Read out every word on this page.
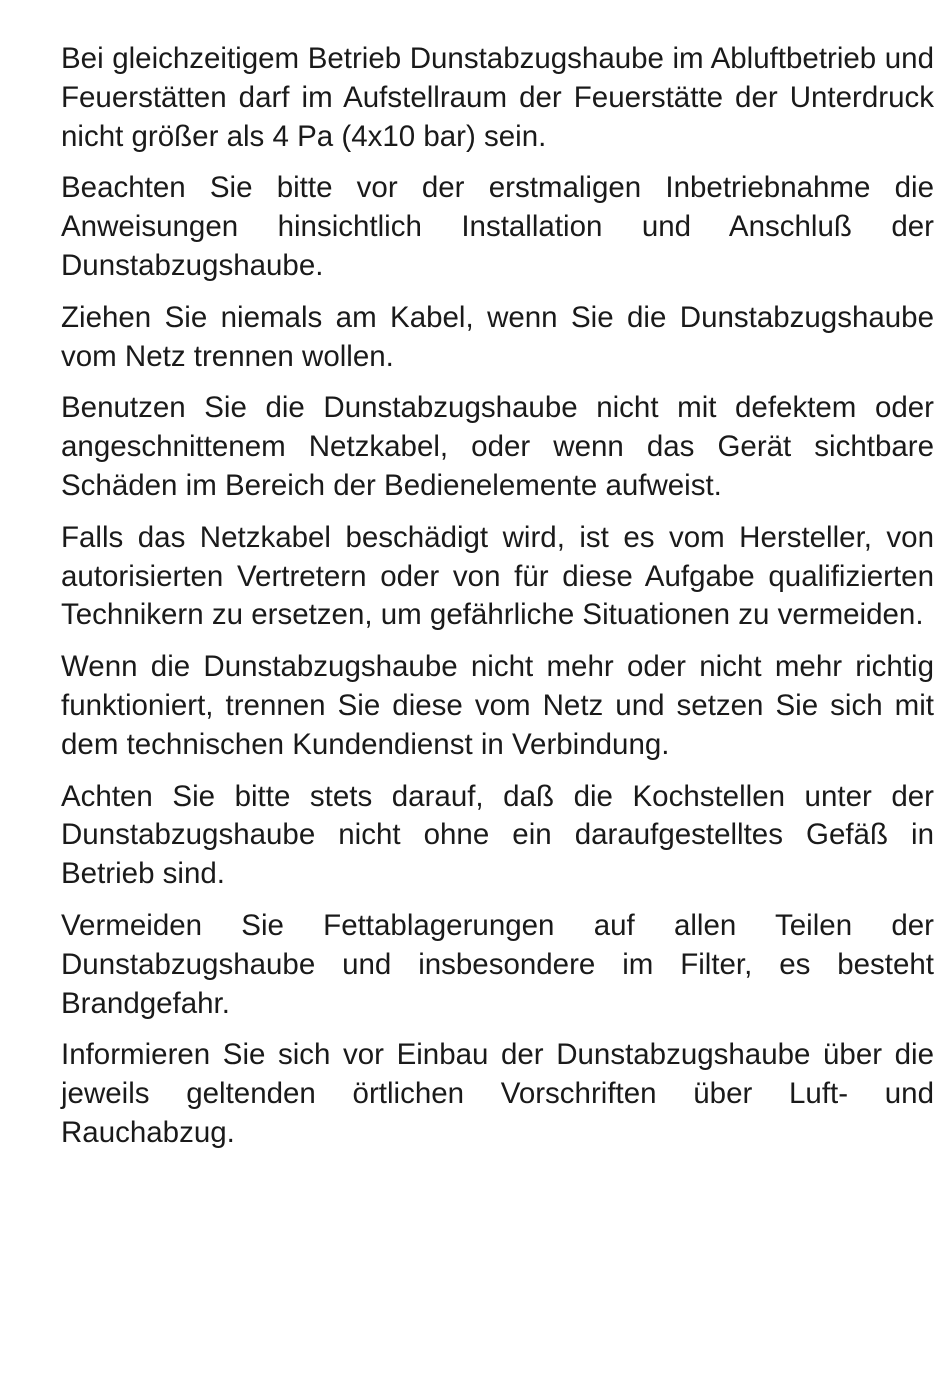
Bei gleichzeitigem Betrieb Dunstabzugshaube im Abluftbetrieb und Feuerstätten darf im Aufstellraum der Feuerstätte der Unterdruck nicht größer als 4 Pa (4x10 bar) sein.

Beachten Sie bitte vor der erstmaligen Inbetriebnahme die Anweisungen hinsichtlich Installation und Anschluß der Dunstabzugshaube.

Ziehen Sie niemals am Kabel, wenn Sie die Dunstabzugshaube vom Netz trennen wollen.

Benutzen Sie die Dunstabzugshaube nicht mit defektem oder angeschnittenem Netzkabel, oder wenn das Gerät sichtbare Schäden im Bereich der Bedienelemente aufweist.

Falls das Netzkabel beschädigt wird, ist es vom Hersteller, von autorisierten Vertretern oder von für diese Aufgabe qualifizierten Technikern zu ersetzen, um gefährliche Situationen zu vermeiden.

Wenn die Dunstabzugshaube nicht mehr oder nicht mehr richtig funktioniert, trennen Sie diese vom Netz und setzen Sie sich mit dem technischen Kundendienst in Verbindung.

Achten Sie bitte stets darauf, daß die Kochstellen unter der Dunstabzugshaube nicht ohne ein daraufgestelltes Gefäß in Betrieb sind.

Vermeiden Sie Fettablagerungen auf allen Teilen der Dunstabzugshaube und insbesondere im Filter, es besteht Brandgefahr.

Informieren Sie sich vor Einbau der Dunstabzugshaube über die jeweils geltenden örtlichen Vorschriften über Luft- und Rauchabzug.
